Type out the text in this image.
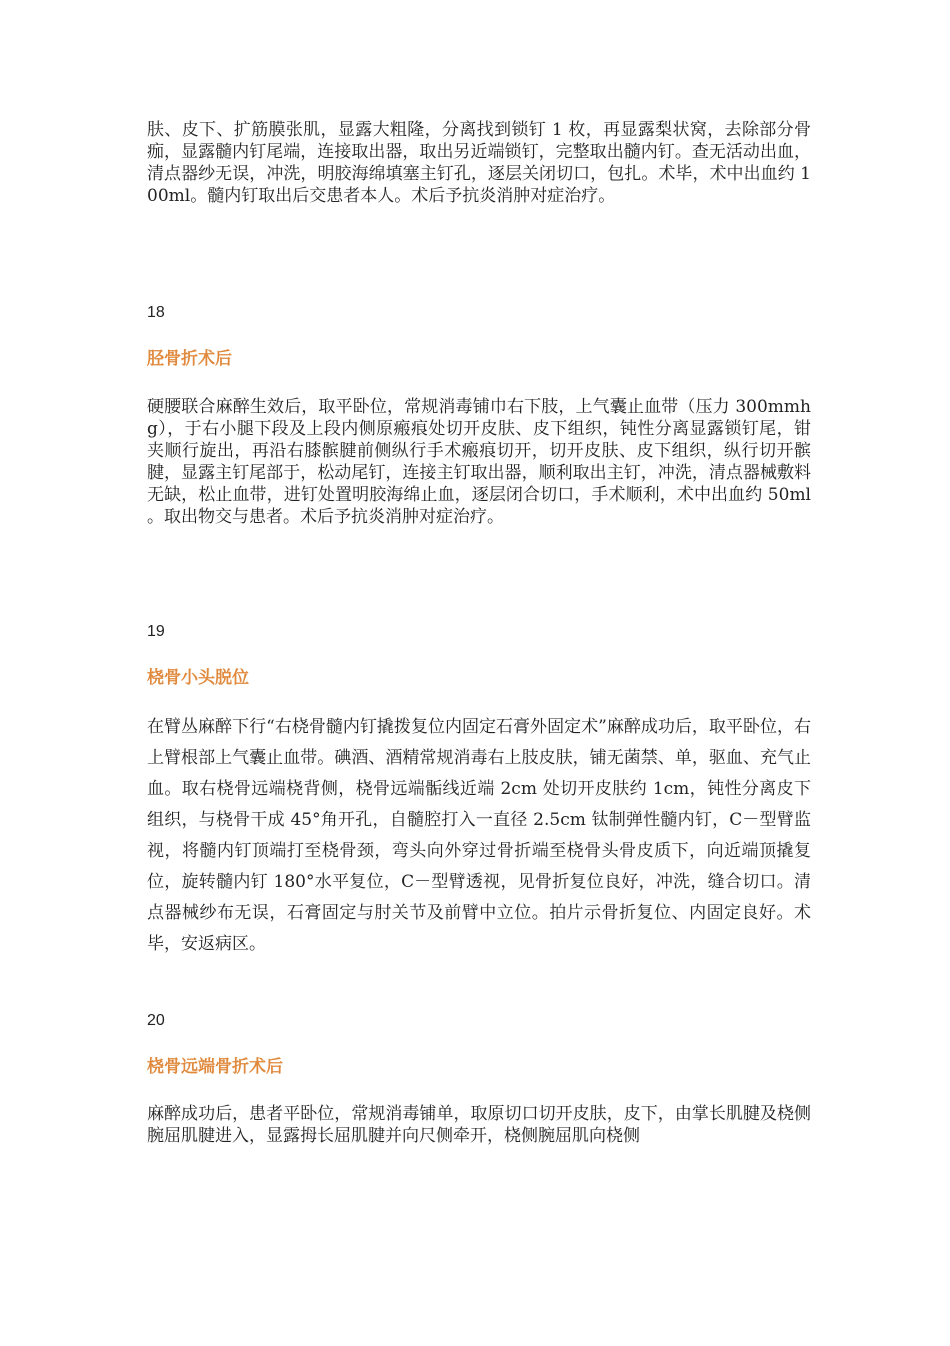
肤、皮下、扩筋膜张肌，显露大粗隆，分离找到锁钉 1 枚，再显露梨状窝，去除部分骨痂，显露髓内钉尾端，连接取出器，取出另近端锁钉，完整取出髓内钉。查无活动出血，清点器纱无误，冲洗，明胶海绵填塞主钉孔，逐层关闭切口，包扎。术毕，术中出血约 100ml。髓内钉取出后交患者本人。术后予抗炎消肿对症治疗。

18

胫骨折术后

硬腰联合麻醉生效后，取平卧位，常规消毒铺巾右下肢，上气囊止血带（压力 300mmhg），于右小腿下段及上段内侧原瘢痕处切开皮肤、皮下组织，钝性分离显露锁钉尾，钳夹顺行旋出，再沿右膝髌腱前侧纵行手术瘢痕切开，切开皮肤、皮下组织，纵行切开髌腱，显露主钉尾部于，松动尾钉，连接主钉取出器，顺利取出主钉，冲洗，清点器械敷料无缺，松止血带，进钉处置明胶海绵止血，逐层闭合切口，手术顺利，术中出血约 50ml 。取出物交与患者。术后予抗炎消肿对症治疗。

19

桡骨小头脱位

在臂丛麻醉下行“右桡骨髓内钉撬拨复位内固定石膏外固定术”麻醉成功后，取平卧位，右上臂根部上气囊止血带。碘酒、酒精常规消毒右上肢皮肤，铺无菌禁、单，驱血、充气止血。取右桡骨远端桡背侧，桡骨远端骺线近端 2cm 处切开皮肤约 1cm，钝性分离皮下组织，与桡骨干成 45°角开孔，自髓腔打入一直径 2.5cm 钛制弹性髓内钉，C－型臂监视，将髓内钉顶端打至桡骨颈，弯头向外穿过骨折端至桡骨头骨皮质下，向近端顶撬复位，旋转髓内钉 180°水平复位，C－型臂透视，见骨折复位良好，冲洗，缝合切口。清点器械纱布无误，石膏固定与肘关节及前臂中立位。拍片示骨折复位、内固定良好。术毕，安返病区。

20

桡骨远端骨折术后

麻醉成功后，患者平卧位，常规消毒铺单，取原切口切开皮肤，皮下，由掌长肌腱及桡侧腕屈肌腱进入，显露拇长屈肌腱并向尺侧牵开，桡侧腕屈肌向桡侧
